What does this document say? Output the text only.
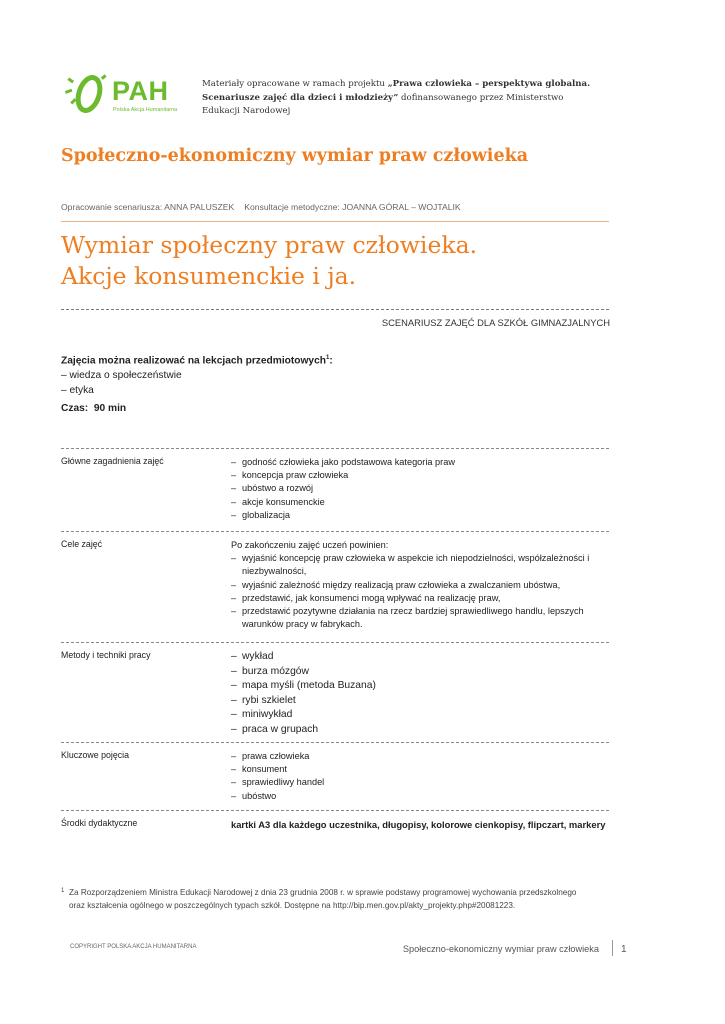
PAH
Polska Akcja Humanitarna
Materiały opracowane w ramach projektu „Prawa człowieka – perspektywa globalna.
Scenariusze zajęć dla dzieci i młodzieży” dofinansowanego przez Ministerstwo
Edukacji Narodowej
Społeczno-ekonomiczny wymiar praw człowieka
Opracowanie scenariusza: ANNA PALUSZEK Konsultacje metodyczne: JOANNA GÓRAL – WOJTALIK
Wymiar społeczny praw człowieka.
Akcje konsumenckie i ja.
SCENARIUSZ ZAJĘĆ DLA SZKÓŁ GIMNAZJALNYCH
Zajęcia można realizować na lekcjach przedmiotowych$^1$:
– wiedza o społeczeństwie
– etyka
Czas: 90 min
Główne zagadnienia zajęć	– godność człowieka jako podstawowa kategoria praw
– koncepcja praw człowieka
– ubóstwo a rozwój
– akcje konsumenckie
– globalizacja
Cele zajęć	Po zakończeniu zajęć uczeń powinien:
– wyjaśnić koncepcję praw człowieka w aspekcie ich niepodzielności, współzależności i niezbywalności,
– wyjaśnić zależność między realizacją praw człowieka a zwalczaniem ubóstwa,
– przedstawić, jak konsumenci mogą wpływać na realizację praw,
– przedstawić pozytywne działania na rzecz bardziej sprawiedliwego handlu, lepszych warunków pracy w fabrykach.
Metody i techniki pracy	– wykład
– burza mózgów
– mapa myśli (metoda Buzana)
– rybi szkielet
– miniwykład
– praca w grupach
Kluczowe pojęcia	– prawa człowieka
– konsument
– sprawiedliwy handel
– ubóstwo
Środki dydaktyczne	kartki A3 dla każdego uczestnika, długopisy, kolorowe cienkopisy, flipczart, markery
1 Za Rozporządzeniem Ministra Edukacji Narodowej z dnia 23 grudnia 2008 r. w sprawie podstawy programowej wychowania przedszkolnego
oraz kształcenia ogólnego w poszczególnych typach szkół. Dostępne na http://bip.men.gov.pl/akty_projekty.php#20081223.
COPYRIGHT POLSKA AKCJA HUMANITARNA	Społeczno-ekonomiczny wymiar praw człowieka 1
